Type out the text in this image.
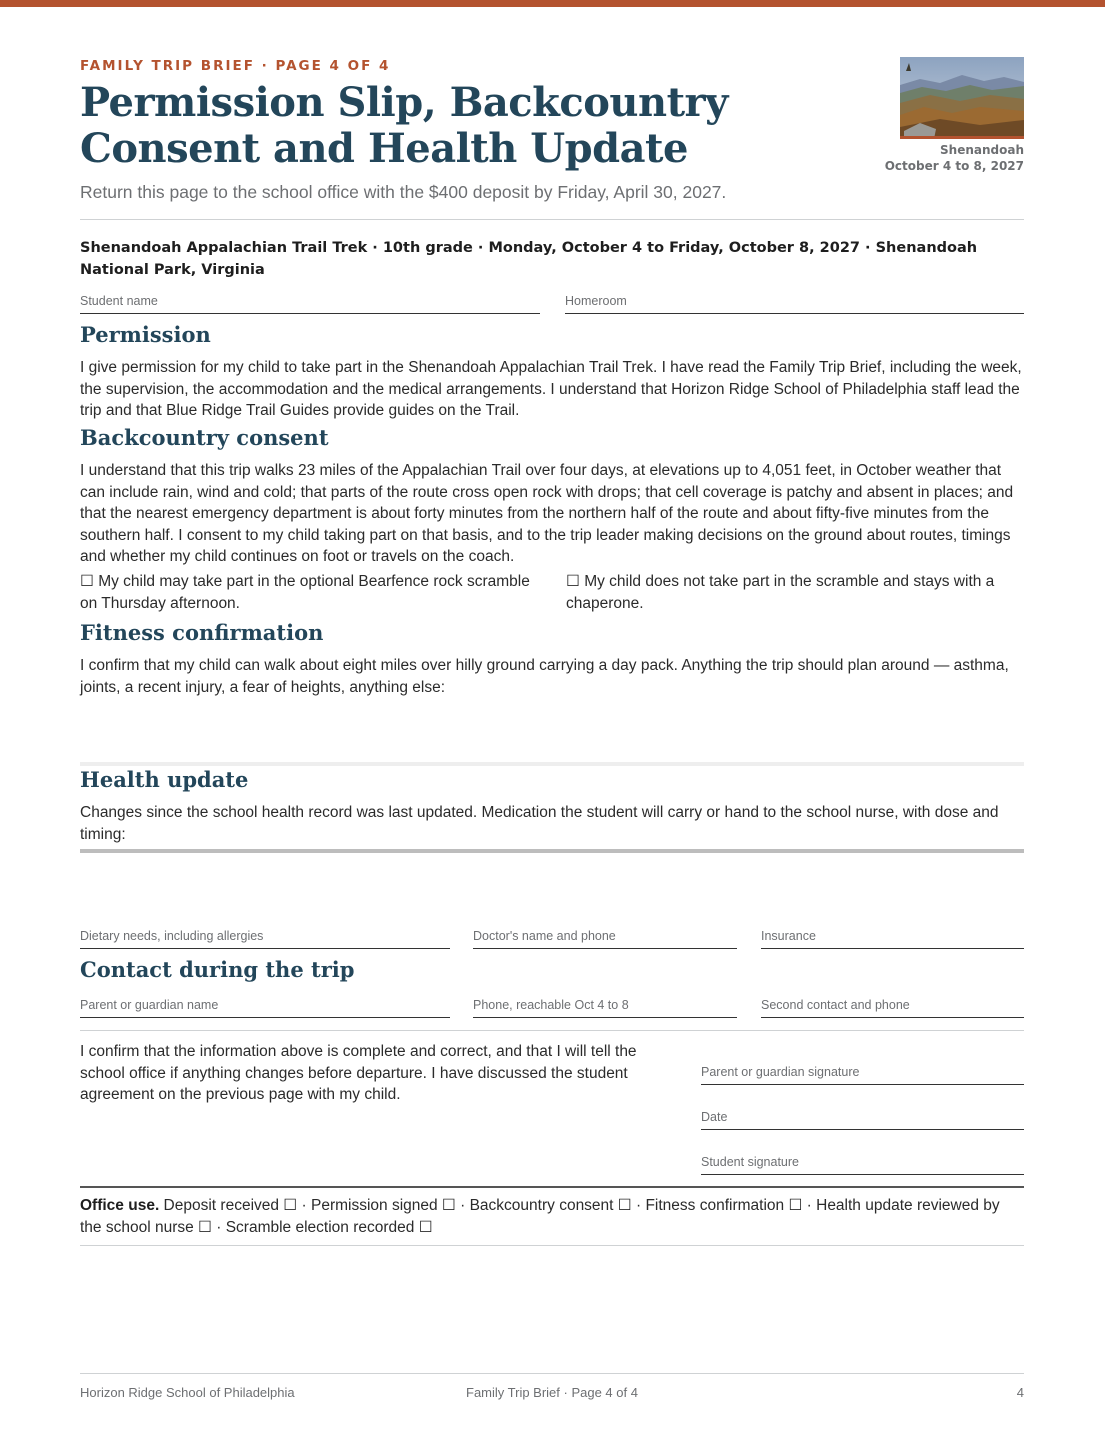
FAMILY TRIP BRIEF · PAGE 4 OF 4
Permission Slip, Backcountry Consent and Health Update
Return this page to the school office with the $400 deposit by Friday, April 30, 2027.
Shenandoah
October 4 to 8, 2027
Shenandoah Appalachian Trail Trek · 10th grade · Monday, October 4 to Friday, October 8, 2027 · Shenandoah National Park, Virginia
Student name	Homeroom
Permission

I give permission for my child to take part in the Shenandoah Appalachian Trail Trek. I have read the Family Trip Brief, including the week, the supervision, the accommodation and the medical arrangements. I understand that Horizon Ridge School of Philadelphia staff lead the trip and that Blue Ridge Trail Guides provide guides on the Trail.

Backcountry consent

I understand that this trip walks 23 miles of the Appalachian Trail over four days, at elevations up to 4,051 feet, in October weather that can include rain, wind and cold; that parts of the route cross open rock with drops; that cell coverage is patchy and absent in places; and that the nearest emergency department is about forty minutes from the northern half of the route and about fifty-five minutes from the southern half. I consent to my child taking part on that basis, and to the trip leader making decisions on the ground about routes, timings and whether my child continues on foot or travels on the coach.

☐ My child may take part in the optional Bearfence rock scramble on Thursday afternoon.
☐ My child does not take part in the scramble and stays with a chaperone.
Fitness confirmation

I confirm that my child can walk about eight miles over hilly ground carrying a day pack. Anything the trip should plan around — asthma, joints, a recent injury, a fear of heights, anything else:

Health update

Changes since the school health record was last updated. Medication the student will carry or hand to the school nurse, with dose and timing:

Dietary needs, including allergies	Doctor's name and phone	Insurance
Contact during the trip
Parent or guardian name	Phone, reachable Oct 4 to 8	Second contact and phone

I confirm that the information above is complete and correct, and that I will tell the school office if anything changes before departure. I have discussed the student agreement on the previous page with my child.

Parent or guardian signature
Date
Student signature

Office use. Deposit received ☐ · Permission signed ☐ · Backcountry consent ☐ · Fitness confirmation ☐ · Health update reviewed by the school nurse ☐ · Scramble election recorded ☐

Horizon Ridge School of Philadelphia	Family Trip Brief · Page 4 of 4	4
